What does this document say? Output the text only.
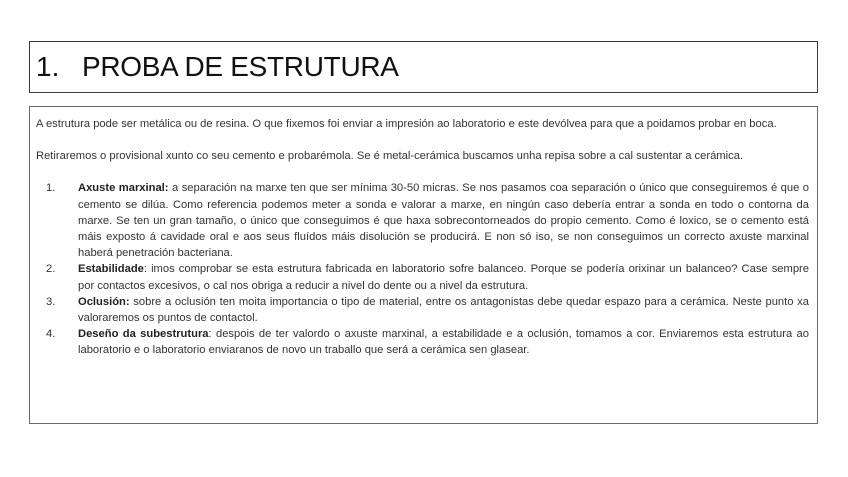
1. PROBA DE ESTRUTURA

A estrutura pode ser metálica ou de resina. O que fixemos foi enviar a impresión ao laboratorio e este devólvea para que a poidamos probar en boca.

Retiraremos o provisional xunto co seu cemento e probarémola. Se é metal-cerámica buscamos unha repisa sobre a cal sustentar a cerámica.

1.	Axuste marxinal: a separación na marxe ten que ser mínima 30-50 micras. Se nos pasamos coa separación o único que conseguiremos é que o cemento se dilúa. Como referencia podemos meter a sonda e valorar a marxe, en ningún caso debería entrar a sonda en todo o contorna da marxe. Se ten un gran tamaño, o único que conseguimos é que haxa sobrecontorneados do propio cemento. Como é loxico, se o cemento está máis exposto á cavidade oral e aos seus fluídos máis disolución se producirá. E non só iso, se non conseguimos un correcto axuste marxinal haberá penetración bacteriana.
2.	Estabilidade: imos comprobar se esta estrutura fabricada en laboratorio sofre balanceo. Porque se podería orixinar un balanceo? Case sempre por contactos excesivos, o cal nos obriga a reducir a nivel do dente ou a nivel da estrutura.
3.	Oclusión: sobre a oclusión ten moita importancia o tipo de material, entre os antagonistas debe quedar espazo para a cerámica. Neste punto xa valoraremos os puntos de contactol.
4.	Deseño da subestrutura: despois de ter valordo o axuste marxinal, a estabilidade e a oclusión, tomamos a cor. Enviaremos esta estrutura ao laboratorio e o laboratorio enviaranos de novo un traballo que será a cerámica sen glasear.
